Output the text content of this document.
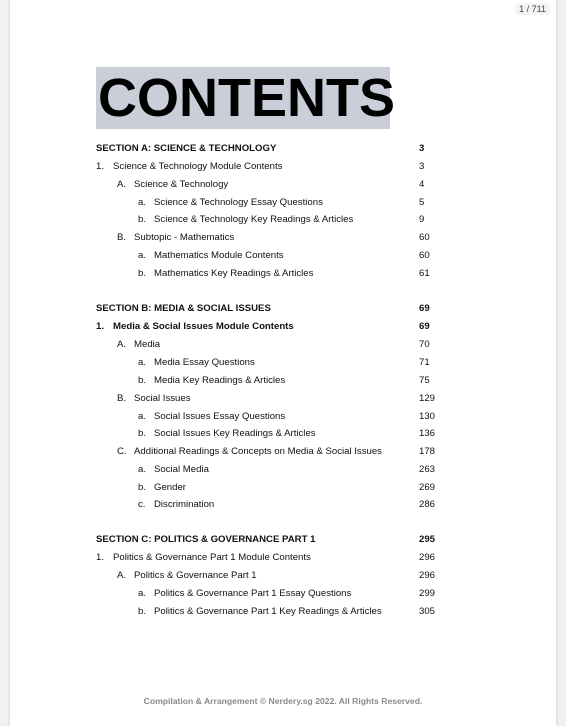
1 / 711
CONTENTS
SECTION A: SCIENCE & TECHNOLOGY	3
1. Science & Technology Module Contents	3
A. Science & Technology	4
a. Science & Technology Essay Questions	5
b. Science & Technology Key Readings & Articles	9
B. Subtopic - Mathematics	60
a. Mathematics Module Contents	60
b. Mathematics Key Readings & Articles	61
SECTION B: MEDIA & SOCIAL ISSUES	69
1. Media & Social Issues Module Contents	69
A. Media	70
a. Media Essay Questions	71
b. Media Key Readings & Articles	75
B. Social Issues	129
a. Social Issues Essay Questions	130
b. Social Issues Key Readings & Articles	136
C. Additional Readings & Concepts on Media & Social Issues	178
a. Social Media	263
b. Gender	269
c. Discrimination	286
SECTION C: POLITICS & GOVERNANCE PART 1	295
1. Politics & Governance Part 1 Module Contents	296
A. Politics & Governance Part 1	296
a. Politics & Governance Part 1 Essay Questions	299
b. Politics & Governance Part 1 Key Readings & Articles	305
Compilation & Arrangement © Nerdery.sg 2022. All Rights Reserved.
